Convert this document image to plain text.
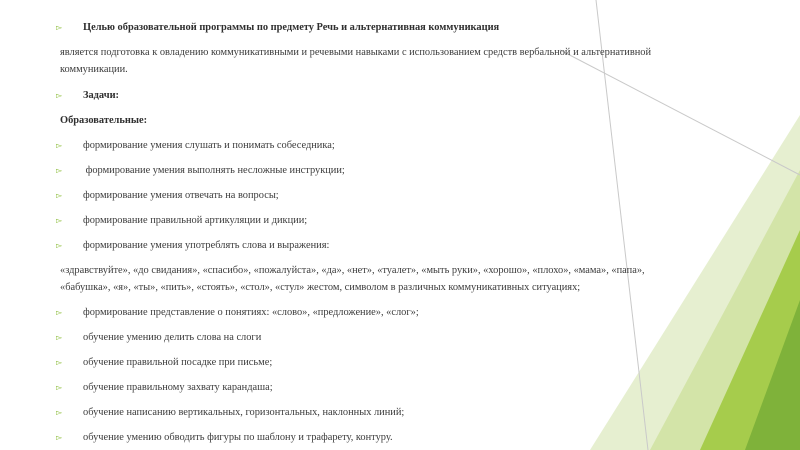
▻ Целью образовательной программы по предмету Речь и альтернативная коммуникация
является подготовка к овладению коммуникативными и речевыми навыками с использованием средств вербальной и альтернативной
коммуникации.
▻ Задачи:
Образовательные:
▻ формирование умения слушать и понимать собеседника;
▻ формирование умения выполнять несложные инструкции;
▻ формирование умения отвечать на вопросы;
▻ формирование правильной артикуляции и дикции;
▻ формирование умения употреблять слова и выражения:
«здравствуйте», «до свидания», «спасибо», «пожалуйста», «да», «нет», «туалет», «мыть руки», «хорошо», «плохо», «мама», «папа»,
«бабушка», «я», «ты», «пить», «стоять», «стол», «стул» жестом, символом в различных коммуникативных ситуациях;
▻ формирование представление о понятиях: «слово», «предложение», «слог»;
▻ обучение умению делить слова на слоги
▻ обучение правильной посадке при письме;
▻ обучение правильному захвату карандаша;
▻ обучение написанию вертикальных, горизонтальных, наклонных линий;
▻ обучение умению обводить фигуры по шаблону и трафарету, контуру.
